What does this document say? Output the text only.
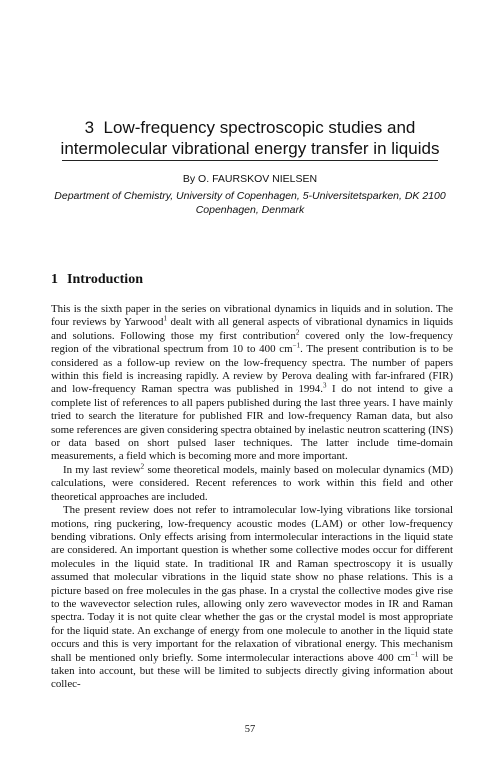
3 Low-frequency spectroscopic studies and intermolecular vibrational energy transfer in liquids
By O. FAURSKOV NIELSEN
Department of Chemistry, University of Copenhagen, 5-Universitetsparken, DK 2100
Copenhagen, Denmark
1 Introduction

This is the sixth paper in the series on vibrational dynamics in liquids and in solution. The four reviews by Yarwood$^1$ dealt with all general aspects of vibrational dynamics in liquids and solutions. Following those my first contribution$^2$ covered only the low-frequency region of the vibrational spectrum from 10 to 400 $cm^{-1}$. The present contribution is to be considered as a follow-up review on the low-frequency spectra. The number of papers within this field is increasing rapidly. A review by Perova dealing with far-infrared (FIR) and low-frequency Raman spectra was published in 1994.$^3$ I do not intend to give a complete list of references to all papers published during the last three years. I have mainly tried to search the literature for published FIR and low-frequency Raman data, but also some references are given considering spectra obtained by inelastic neutron scattering (INS) or data based on short pulsed laser techniques. The latter include time-domain measurements, a field which is becoming more and more important.

In my last review$^2$ some theoretical models, mainly based on molecular dynamics (MD) calculations, were considered. Recent references to work within this field and other theoretical approaches are included.

The present review does not refer to intramolecular low-lying vibrations like torsional motions, ring puckering, low-frequency acoustic modes (LAM) or other low-frequency bending vibrations. Only effects arising from intermolecular interactions in the liquid state are considered. An important question is whether some collective modes occur for different molecules in the liquid state. In traditional IR and Raman spectroscopy it is usually assumed that molecular vibrations in the liquid state show no phase relations. This is a picture based on free molecules in the gas phase. In a crystal the collective modes give rise to the wavevector selection rules, allowing only zero wavevector modes in IR and Raman spectra. Today it is not quite clear whether the gas or the crystal model is most appropriate for the liquid state. An exchange of energy from one molecule to another in the liquid state occurs and this is very important for the relaxation of vibrational energy. This mechanism shall be mentioned only briefly. Some intermolecular interactions above 400 $cm^{-1}$ will be taken into account, but these will be limited to subjects directly giving information about collec-

57
